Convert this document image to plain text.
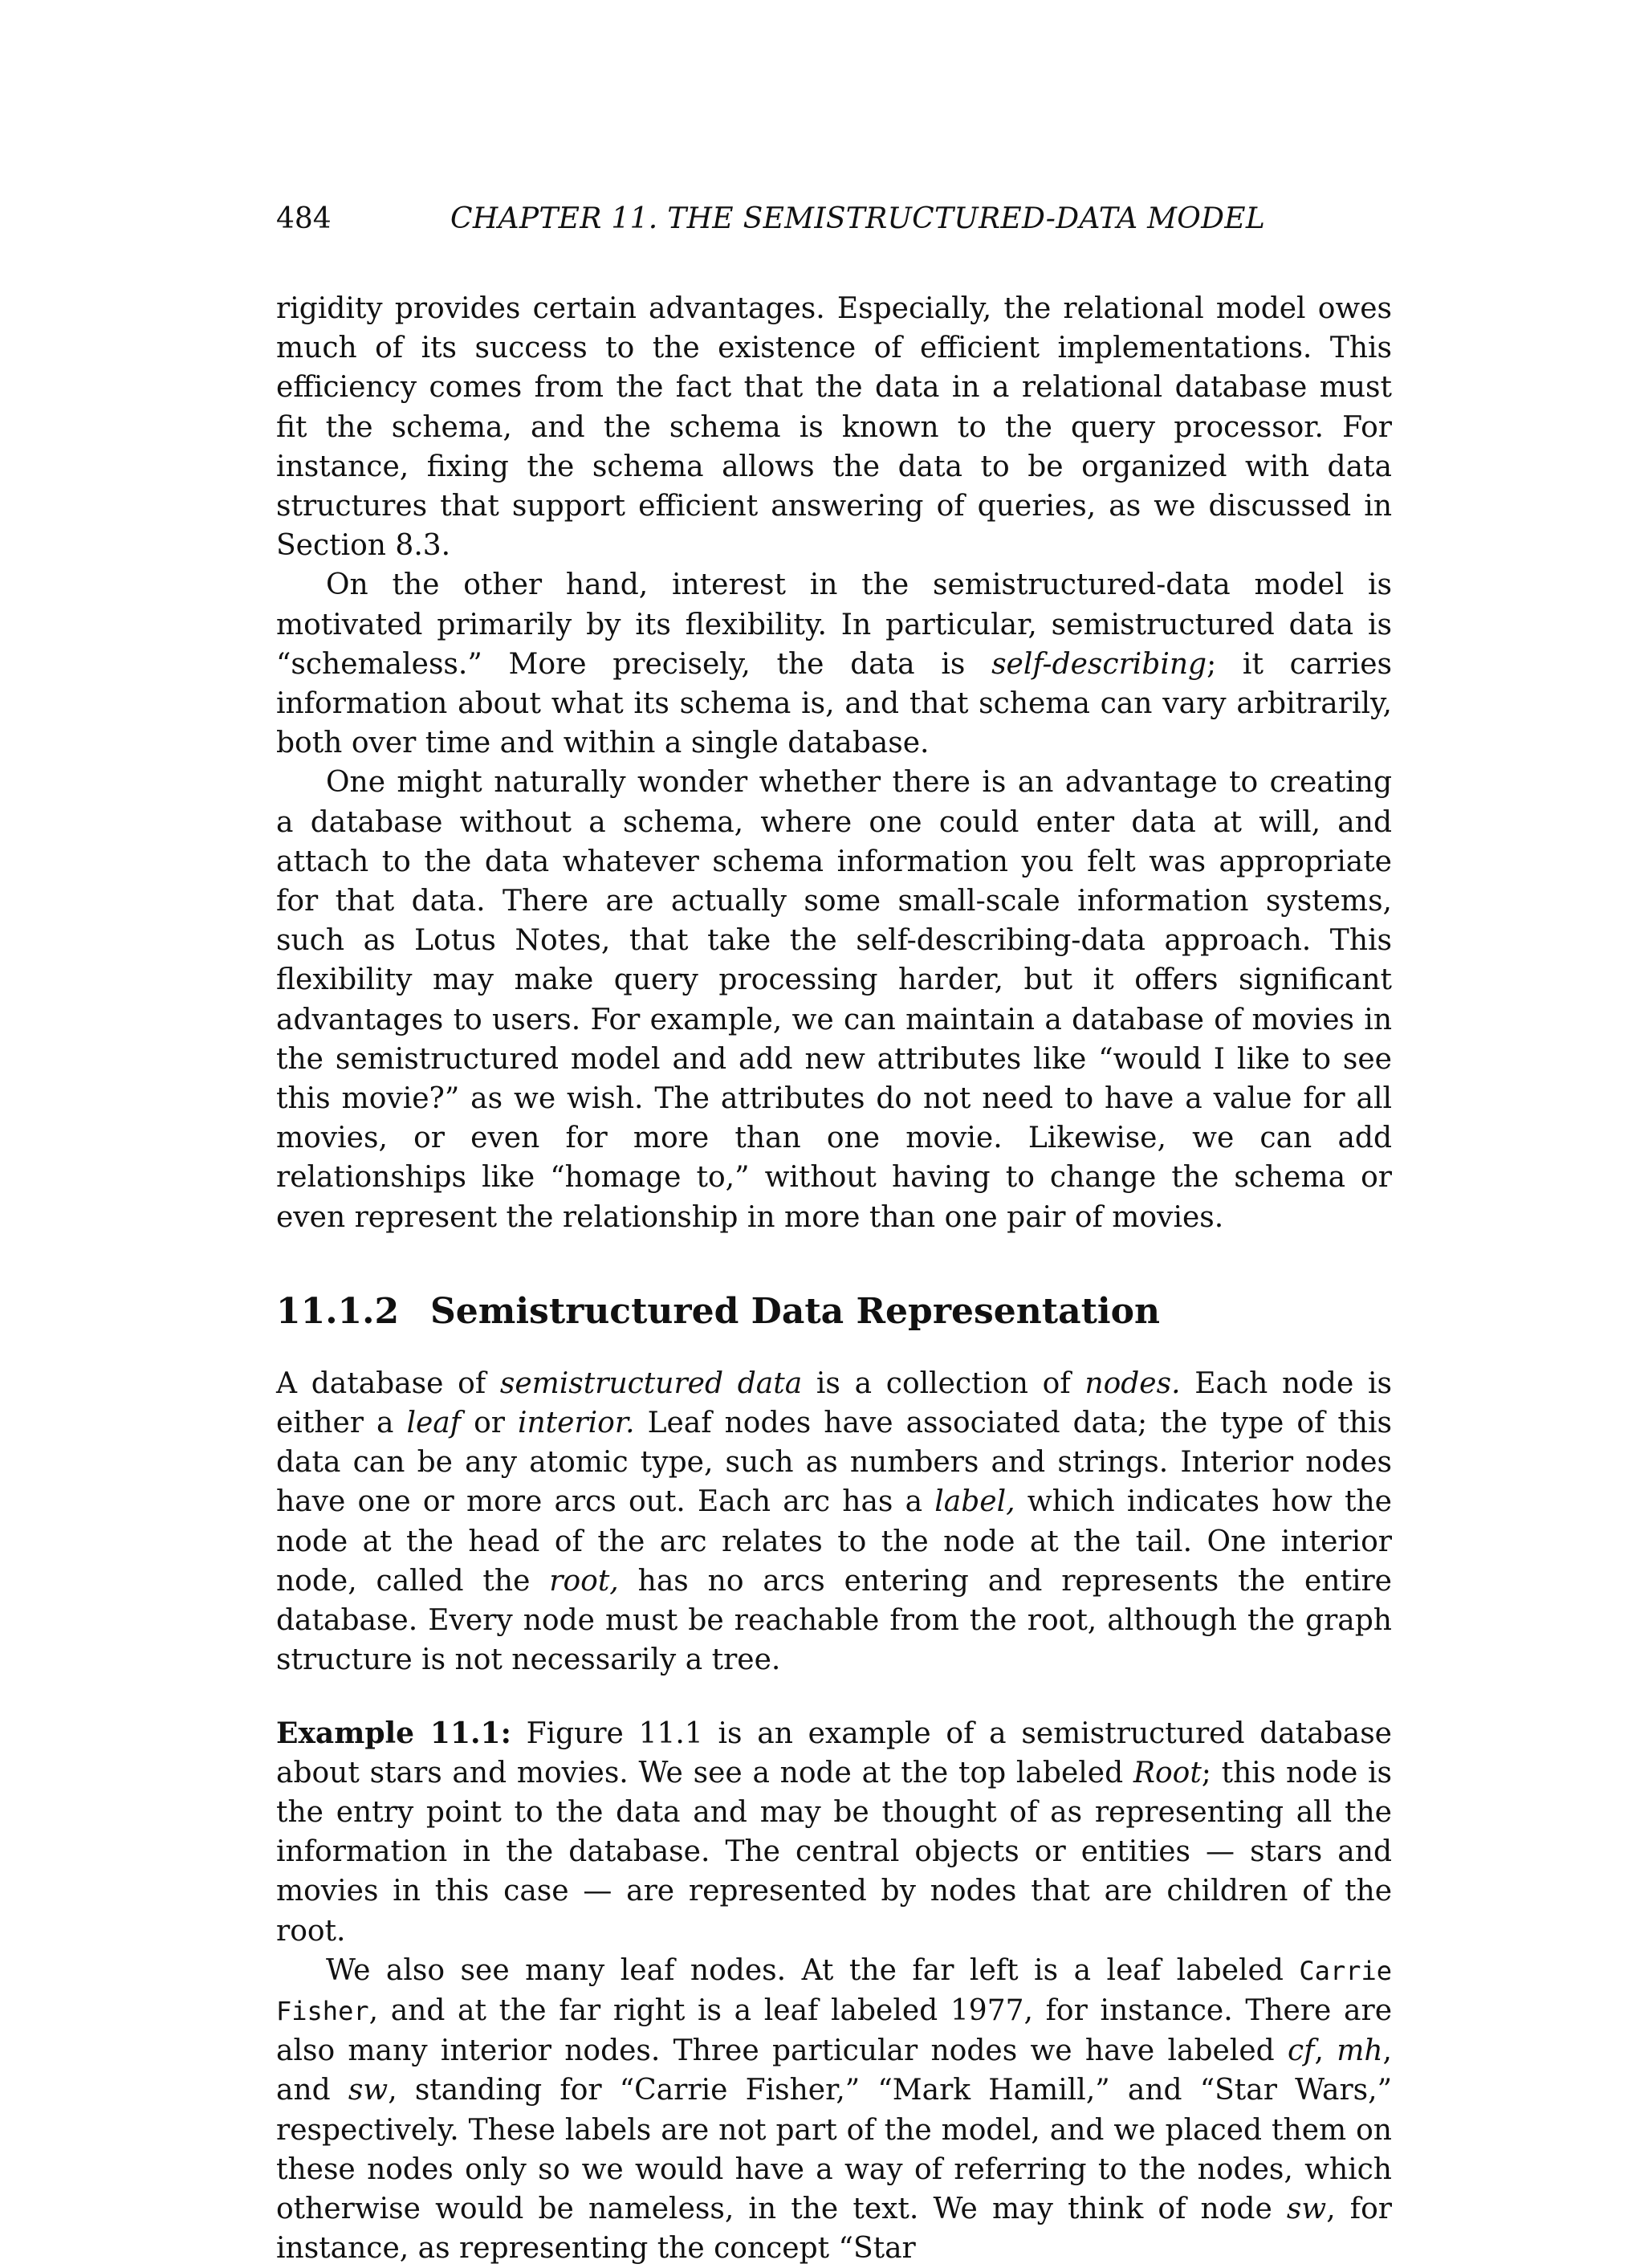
484	CHAPTER 11. THE SEMISTRUCTURED-DATA MODEL

rigidity provides certain advantages. Especially, the relational model owes much of its success to the existence of efficient implementations. This efficiency comes from the fact that the data in a relational database must fit the schema, and the schema is known to the query processor. For instance, fixing the schema allows the data to be organized with data structures that support efficient answering of queries, as we discussed in Section 8.3.

On the other hand, interest in the semistructured-data model is motivated primarily by its flexibility. In particular, semistructured data is “schemaless.” More precisely, the data is self-describing; it carries information about what its schema is, and that schema can vary arbitrarily, both over time and within a single database.

One might naturally wonder whether there is an advantage to creating a database without a schema, where one could enter data at will, and attach to the data whatever schema information you felt was appropriate for that data. There are actually some small-scale information systems, such as Lotus Notes, that take the self-describing-data approach. This flexibility may make query processing harder, but it offers significant advantages to users. For example, we can maintain a database of movies in the semistructured model and add new attributes like “would I like to see this movie?” as we wish. The attributes do not need to have a value for all movies, or even for more than one movie. Likewise, we can add relationships like “homage to,” without having to change the schema or even represent the relationship in more than one pair of movies.

11.1.2 Semistructured Data Representation

A database of semistructured data is a collection of nodes. Each node is either a leaf or interior. Leaf nodes have associated data; the type of this data can be any atomic type, such as numbers and strings. Interior nodes have one or more arcs out. Each arc has a label, which indicates how the node at the head of the arc relates to the node at the tail. One interior node, called the root, has no arcs entering and represents the entire database. Every node must be reachable from the root, although the graph structure is not necessarily a tree.

Example 11.1: Figure 11.1 is an example of a semistructured database about stars and movies. We see a node at the top labeled Root; this node is the entry point to the data and may be thought of as representing all the information in the database. The central objects or entities — stars and movies in this case — are represented by nodes that are children of the root.

We also see many leaf nodes. At the far left is a leaf labeled Carrie Fisher, and at the far right is a leaf labeled 1977, for instance. There are also many interior nodes. Three particular nodes we have labeled cf, mh, and sw, standing for “Carrie Fisher,” “Mark Hamill,” and “Star Wars,” respectively. These labels are not part of the model, and we placed them on these nodes only so we would have a way of referring to the nodes, which otherwise would be nameless, in the text. We may think of node sw, for instance, as representing the concept “Star
